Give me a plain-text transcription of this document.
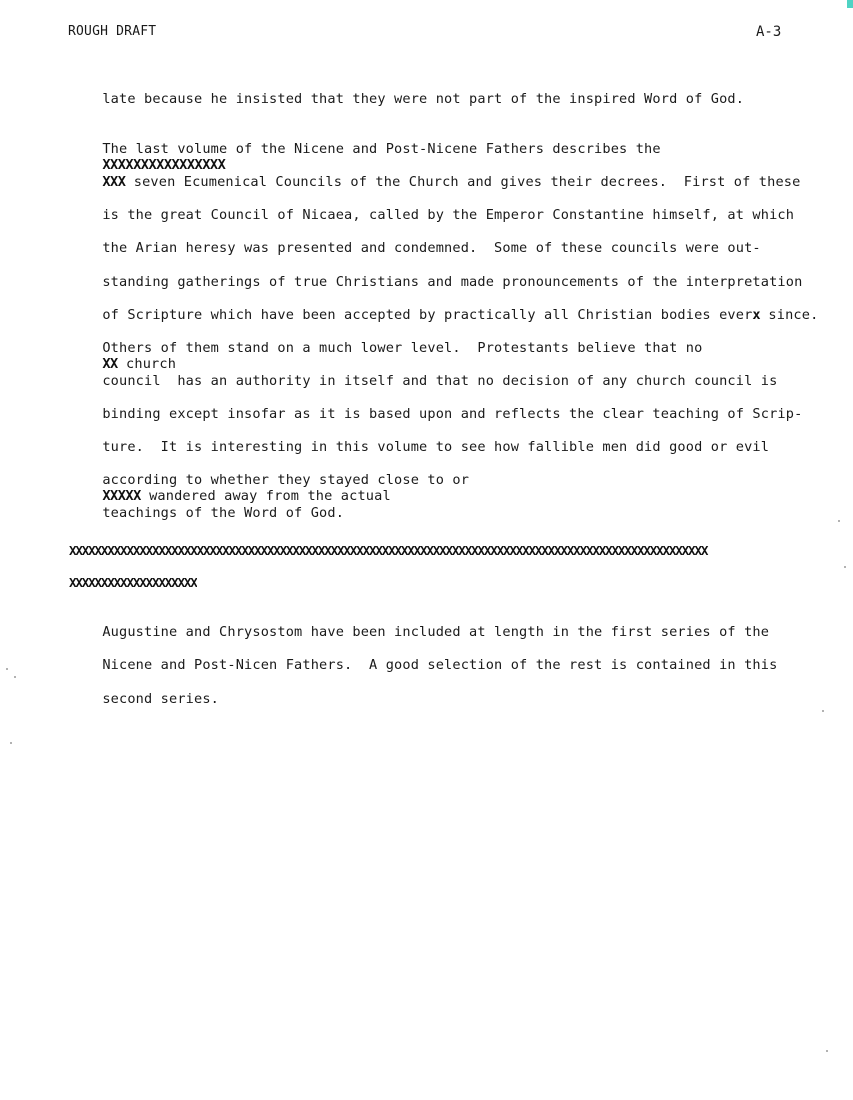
ROUGH DRAFT	A-3

late because he insisted that they were not part of the inspired Word of God.

The last volume of the Nicene and Post-Nicene Fathers describes the
XXXXXXXXXXXXXXXX

XXX seven Ecumenical Councils of the Church and gives their decrees.  First of these

is the great Council of Nicaea, called by the Emperor Constantine himself, at which

the Arian heresy was presented and condemned.  Some of these councils were out-

standing gatherings of true Christians and made pronouncements of the interpretation

of Scripture which have been accepted by practically all Christian bodies everx since.

Others of them stand on a much lower level.  Protestants believe that no
XX church

council  has an authority in itself and that no decision of any church council is

binding except insofar as it is based upon and reflects the clear teaching of Scrip-

ture.  It is interesting in this volume to see how fallible men did good or evil

according to whether they stayed close to or
XXXXX wandered away from the actual

teachings of the Word of God.

XXXXXXXXXXXXXXXXXXXXXXXXXXXXXXXXXXXXXXXXXXXXXXXXXXXXXXXXXXXXXXXXXXXXXXXXXXXXXXXXXXXXXXXXXXXXXXXXXXXX
XXXXXXXXXXXXXXXXXXXX

Augustine and Chrysostom have been included at length in the first series of the

Nicene and Post-Nicen Fathers.  A good selection of the rest is contained in this

second series.
